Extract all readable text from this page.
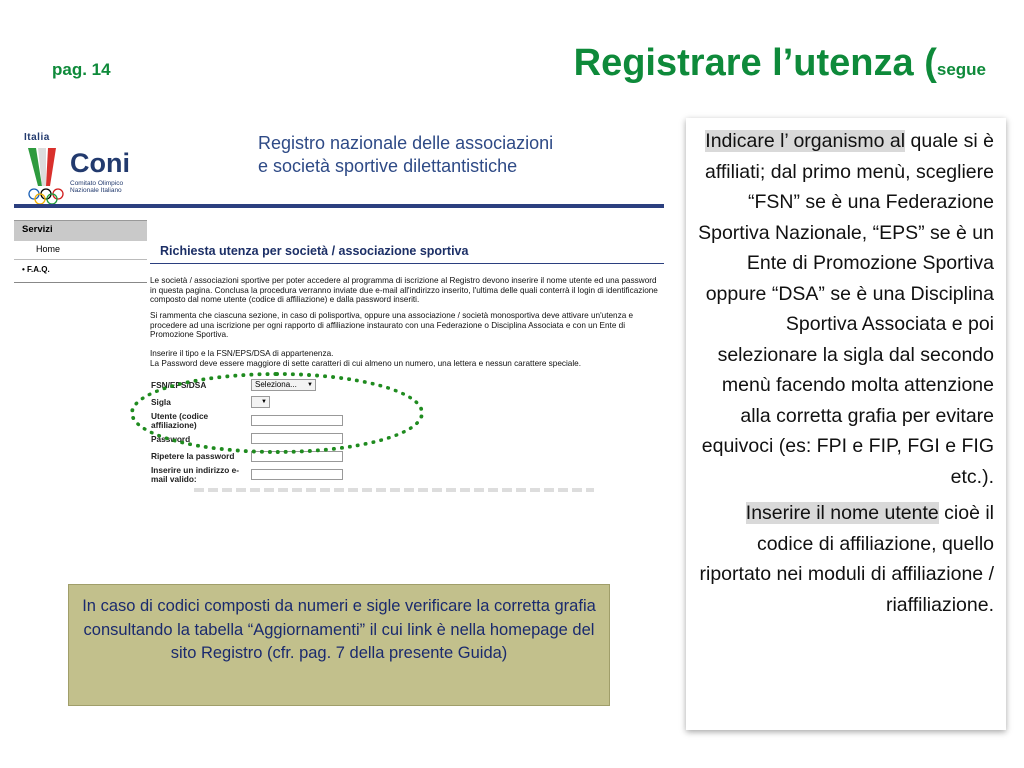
pag. 14	Registrare l’utenza (segue
Italia
Coni
Comitato Olimpico
Nazionale Italiano
Registro nazionale delle associazioni
e società sportive dilettantistiche
Servizi
Home
• F.A.Q.
Richiesta utenza per società / associazione sportiva
Le società / associazioni sportive per poter accedere al programma di iscrizione al Registro devono inserire il nome utente ed una password in questa pagina. Conclusa la procedura verranno inviate due e-mail all'indirizzo inserito, l'ultima delle quali conterrà il login di identificazione composto dal nome utente (codice di affiliazione) e dalla password inseriti.
Si rammenta che ciascuna sezione, in caso di polisportiva, oppure una associazione / società monosportiva deve attivare un'utenza e procedere ad una iscrizione per ogni rapporto di affiliazione instaurato con una Federazione o Disciplina Associata e con un Ente di Promozione Sportiva.
Inserire il tipo e la FSN/EPS/DSA di appartenenza.
La Password deve essere maggiore di sette caratteri di cui almeno un numero, una lettera e nessun carattere speciale.
FSN/EPS/DSA	Seleziona... ▼
Sigla	▼
Utente (codice affiliazione)
Password
Ripetere la password
Inserire un indirizzo e-mail valido:
In caso di codici composti da numeri e sigle verificare la corretta grafia consultando la tabella “Aggiornamenti” il cui link è nella homepage del sito Registro (cfr. pag. 7 della presente Guida)

Indicare l’ organismo al quale si è affiliati; dal primo menù, scegliere “FSN” se è una Federazione Sportiva Nazionale, “EPS” se è un Ente di Promozione Sportiva oppure “DSA” se è una Disciplina Sportiva Associata e poi selezionare la sigla dal secondo menù facendo molta attenzione alla corretta grafia per evitare equivoci (es: FPI e FIP, FGI e FIG etc.).

Inserire il nome utente cioè il codice di affiliazione, quello riportato nei moduli di affiliazione / riaffiliazione.
